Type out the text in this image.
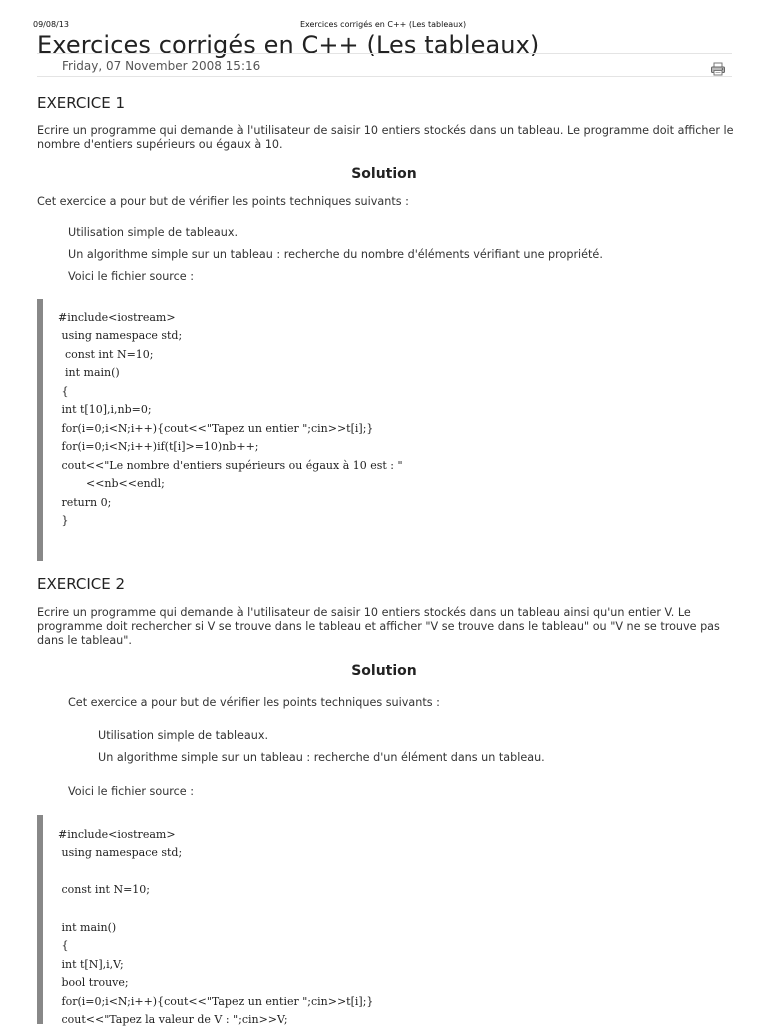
09/08/13	Exercices corrigés en C++ (Les tableaux)
Exercices corrigés en C++ (Les tableaux)
Friday, 07 November 2008 15:16
EXERCICE 1

Ecrire un programme qui demande à l'utilisateur de saisir 10 entiers stockés dans un tableau. Le programme doit afficher le nombre d'entiers supérieurs ou égaux à 10.

Solution

Cet exercice a pour but de vérifier les points techniques suivants :

Utilisation simple de tableaux.

Un algorithme simple sur un tableau : recherche du nombre d'éléments vérifiant une propriété.

Voici le fichier source :

#include<iostream>
using namespace std;
const int N=10;
int main()
{
int t[10],i,nb=0;
for(i=0;i<N;i++){cout<<"Tapez un entier ";cin>>t[i];}
for(i=0;i<N;i++)if(t[i]>=10)nb++;
cout<<"Le nombre d'entiers supérieurs ou égaux à 10 est : "
<<nb<<endl;
return 0;
}
EXERCICE 2

Ecrire un programme qui demande à l'utilisateur de saisir 10 entiers stockés dans un tableau ainsi qu'un entier V. Le programme doit rechercher si V se trouve dans le tableau et afficher "V se trouve dans le tableau" ou "V ne se trouve pas dans le tableau".

Solution

Cet exercice a pour but de vérifier les points techniques suivants :

Utilisation simple de tableaux.

Un algorithme simple sur un tableau : recherche d'un élément dans un tableau.

Voici le fichier source :

#include<iostream>
using namespace std;
const int N=10;
int main()
{
int t[N],i,V;
bool trouve;
for(i=0;i<N;i++){cout<<"Tapez un entier ";cin>>t[i];}
cout<<"Tapez la valeur de V : ";cin>>V;
